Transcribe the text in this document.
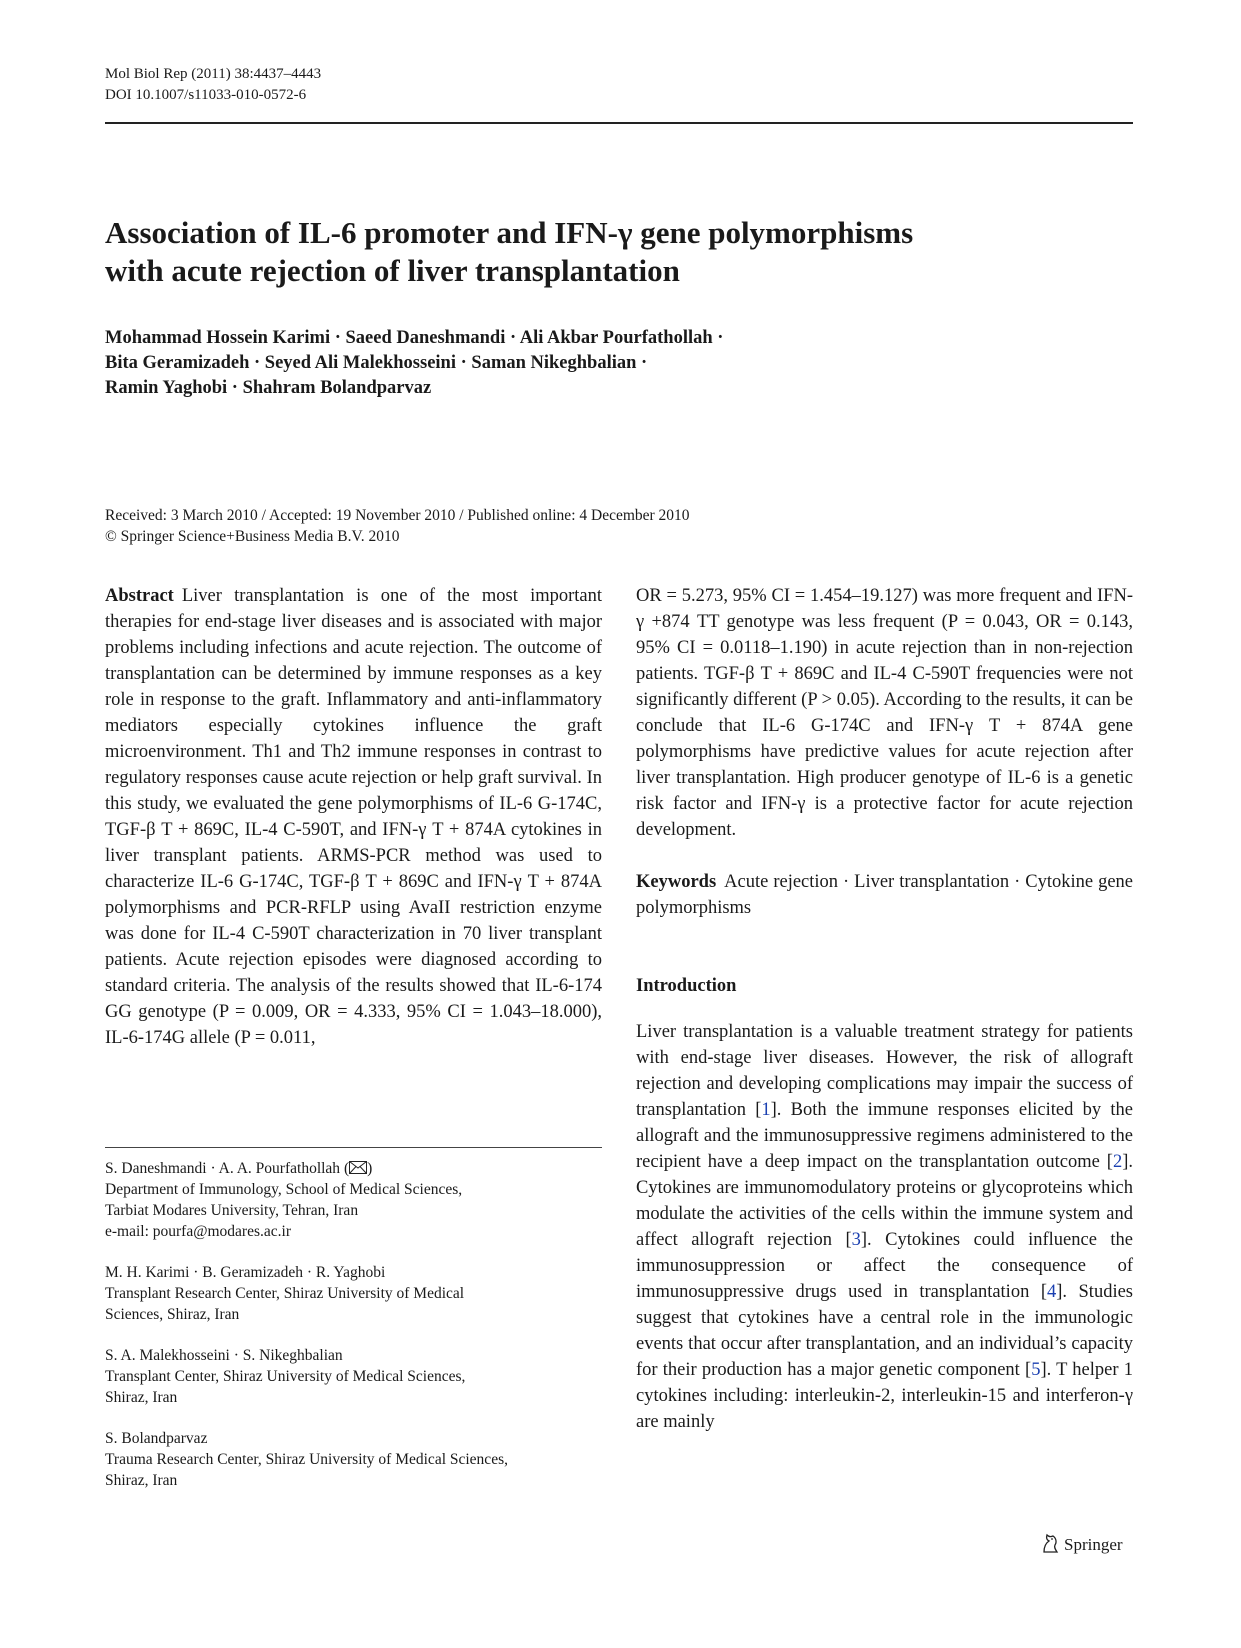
Mol Biol Rep (2011) 38:4437–4443
DOI 10.1007/s11033-010-0572-6
Association of IL-6 promoter and IFN-γ gene polymorphisms
with acute rejection of liver transplantation
Mohammad Hossein Karimi · Saeed Daneshmandi · Ali Akbar Pourfathollah ·
Bita Geramizadeh · Seyed Ali Malekhosseini · Saman Nikeghbalian ·
Ramin Yaghobi · Shahram Bolandparvaz
Received: 3 March 2010 / Accepted: 19 November 2010 / Published online: 4 December 2010
© Springer Science+Business Media B.V. 2010

Abstract Liver transplantation is one of the most important therapies for end-stage liver diseases and is associated with major problems including infections and acute rejection. The outcome of transplantation can be determined by immune responses as a key role in response to the graft. Inflammatory and anti-inflammatory mediators especially cytokines influence the graft microenvironment. Th1 and Th2 immune responses in contrast to regulatory responses cause acute rejection or help graft survival. In this study, we evaluated the gene polymorphisms of IL-6 G-174C, TGF-β T + 869C, IL-4 C-590T, and IFN-γ T + 874A cytokines in liver transplant patients. ARMS-PCR method was used to characterize IL-6 G-174C, TGF-β T + 869C and IFN-γ T + 874A polymorphisms and PCR-RFLP using AvaII restriction enzyme was done for IL-4 C-590T characterization in 70 liver transplant patients. Acute rejection episodes were diagnosed according to standard criteria. The analysis of the results showed that IL-6-174 GG genotype (P = 0.009, OR = 4.333, 95% CI = 1.043–18.000), IL-6-174G allele (P = 0.011,

OR = 5.273, 95% CI = 1.454–19.127) was more frequent and IFN-γ +874 TT genotype was less frequent (P = 0.043, OR = 0.143, 95% CI = 0.0118–1.190) in acute rejection than in non-rejection patients. TGF-β T + 869C and IL-4 C-590T frequencies were not significantly different (P > 0.05). According to the results, it can be conclude that IL-6 G-174C and IFN-γ T + 874A gene polymorphisms have predictive values for acute rejection after liver transplantation. High producer genotype of IL-6 is a genetic risk factor and IFN-γ is a protective factor for acute rejection development.

Keywords Acute rejection · Liver transplantation · Cytokine gene polymorphisms

Introduction

Liver transplantation is a valuable treatment strategy for patients with end-stage liver diseases. However, the risk of allograft rejection and developing complications may impair the success of transplantation [1]. Both the immune responses elicited by the allograft and the immunosuppressive regimens administered to the recipient have a deep impact on the transplantation outcome [2]. Cytokines are immunomodulatory proteins or glycoproteins which modulate the activities of the cells within the immune system and affect allograft rejection [3]. Cytokines could influence the immunosuppression or affect the consequence of immunosuppressive drugs used in transplantation [4]. Studies suggest that cytokines have a central role in the immunologic events that occur after transplantation, and an individual’s capacity for their production has a major genetic component [5]. T helper 1 cytokines including: interleukin-2, interleukin-15 and interferon-γ are mainly

S. Daneshmandi · A. A. Pourfathollah ( )
Department of Immunology, School of Medical Sciences,
Tarbiat Modares University, Tehran, Iran
e-mail: pourfa@modares.ac.ir
M. H. Karimi · B. Geramizadeh · R. Yaghobi
Transplant Research Center, Shiraz University of Medical
Sciences, Shiraz, Iran
S. A. Malekhosseini · S. Nikeghbalian
Transplant Center, Shiraz University of Medical Sciences,
Shiraz, Iran
S. Bolandparvaz
Trauma Research Center, Shiraz University of Medical Sciences,
Shiraz, Iran
Springer
